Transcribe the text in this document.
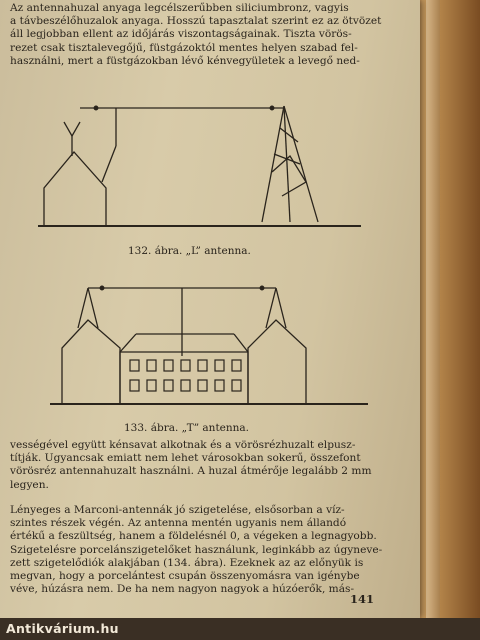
Az antennahuzal anyaga legcélszerűbben siliciumbronz, vagyis
a távbeszélőhuzalok anyaga. Hosszú tapasztalat szerint ez az ötvözet
áll legjobban ellent az időjárás viszontagságainak. Tiszta vörös-
rezet csak tisztalevegőjű, füstgázoktól mentes helyen szabad fel-
használni, mert a füstgázokban lévő kénvegyületek a levegő ned-
132. ábra. „L” antenna.
133. ábra. „T” antenna.
vességével együtt kénsavat alkotnak és a vörösrézhuzalt elpusz-
títják. Ugyancsak emiatt nem lehet városokban sokerű, összefont
vörösréz antennahuzalt használni. A huzal átmérője legalább 2 mm
legyen.
Lényeges a Marconi-antennák jó szigetelése, elsősorban a víz-
szintes részek végén. Az antenna mentén ugyanis nem állandó
értékű a feszültség, hanem a földelésnél 0, a végeken a legnagyobb.
Szigetelésre porcelánszigetelőket használunk, leginkább az úgyneve-
zett szigetelődiók alakjában (134. ábra). Ezeknek az az előnyük is
megvan, hogy a porcelántest csupán összenyomásra van igénybe
véve, húzásra nem. De ha nem nagyon nagyok a húzóerők, más-
141
Antikvárium.hu
